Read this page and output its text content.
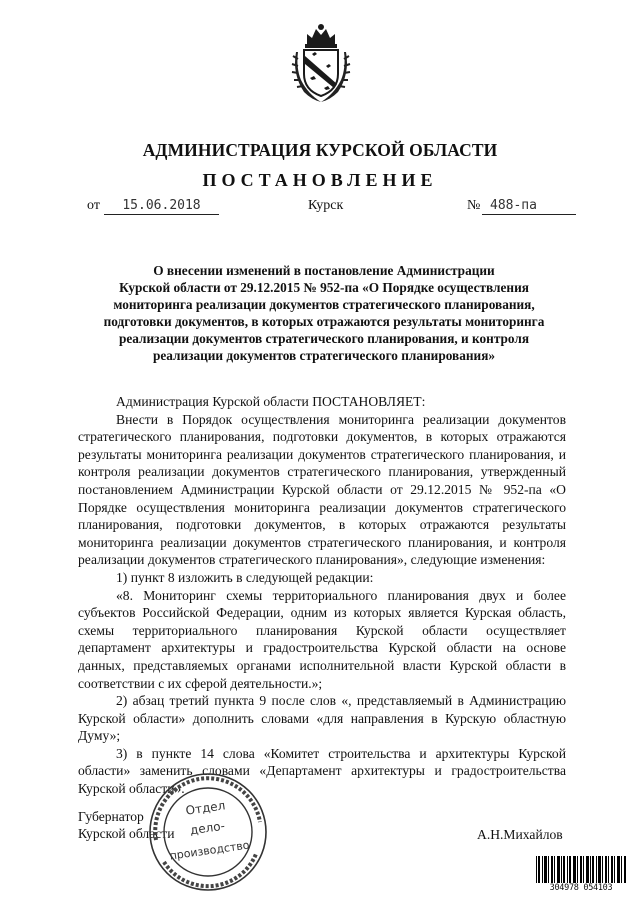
АДМИНИСТРАЦИЯ КУРСКОЙ ОБЛАСТИ
ПОСТАНОВЛЕНИЕ
от	15.06.2018	Курск	№ 488-па
О внесении изменений в постановление Администрации
Курской области от 29.12.2015 № 952-па «О Порядке осуществления
мониторинга реализации документов стратегического планирования,
подготовки документов, в которых отражаются результаты мониторинга
реализации документов стратегического планирования, и контроля
реализации документов стратегического планирования»

Администрация Курской области ПОСТАНОВЛЯЕТ:

Внести в Порядок осуществления мониторинга реализации документов стратегического планирования, подготовки документов, в которых отражаются результаты мониторинга реализации документов стратегического планирования, и контроля реализации документов стратегического планирования, утвержденный постановлением Администрации Курской области от 29.12.2015 № 952-па «О Порядке осуществления мониторинга реализации документов стратегического планирования, подготовки документов, в которых отражаются результаты мониторинга реализации документов стратегического планирования, и контроля реализации документов стратегического планирования», следующие изменения:

1) пункт 8 изложить в следующей редакции:

«8. Мониторинг схемы территориального планирования двух и более субъектов Российской Федерации, одним из которых является Курская область, схемы территориального планирования Курской области осуществляет департамент архитектуры и градостроительства Курской области на основе данных, представляемых органами исполнительной власти Курской области в соответствии с их сферой деятельности.»;

2) абзац третий пункта 9 после слов «, представляемый в Администрацию Курской области» дополнить словами «для направления в Курскую областную Думу»;

3) в пункте 14 слова «Комитет строительства и архитектуры Курской области» заменить словами «Департамент архитектуры и градостроительства Курской области».

Губернатор
Курской области	А.Н.Михайлов
Отдел
дело-
производство
304978 054103
